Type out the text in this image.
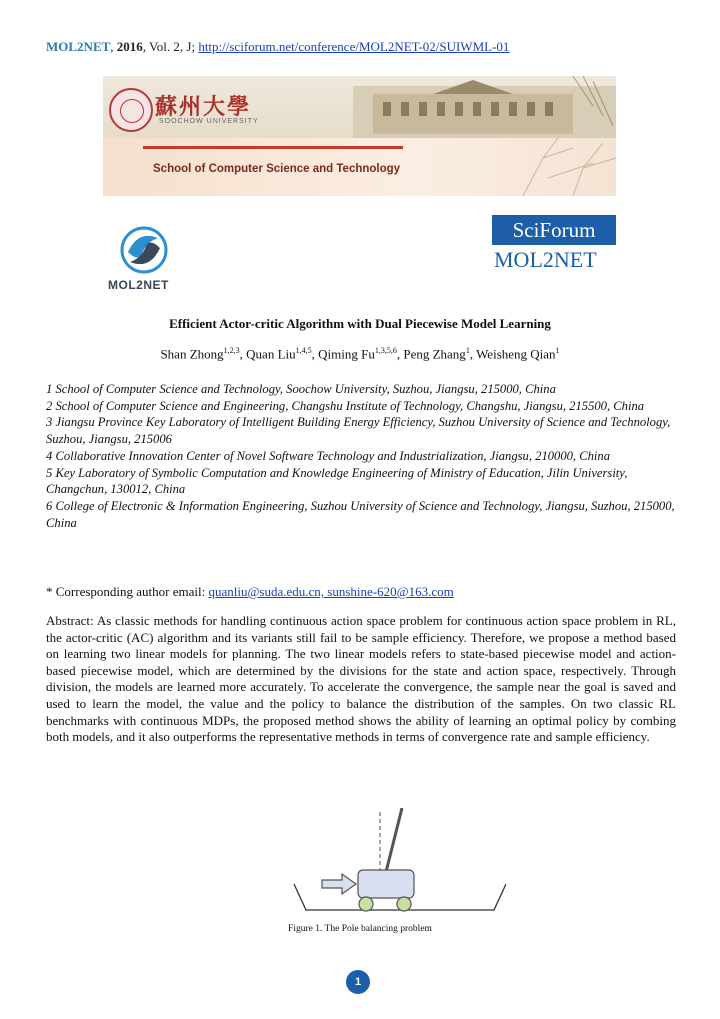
MOL2NET, 2016, Vol. 2, J; http://sciforum.net/conference/MOL2NET-02/SUIWML-01
蘇州大學
SOOCHOW UNIVERSITY
School of Computer Science and Technology
MOL2NET
SciForum
MOL2NET
Efficient Actor-critic Algorithm with Dual Piecewise Model Learning
Shan Zhong$^{1,2,3}$, Quan Liu$^{1,4,5}$, Qiming Fu$^{1,3,5,6}$, Peng Zhang$^1$, Weisheng Qian$^1$

1 School of Computer Science and Technology, Soochow University, Suzhou, Jiangsu, 215000, China

2 School of Computer Science and Engineering, Changshu Institute of Technology, Changshu, Jiangsu, 215500, China

3 Jiangsu Province Key Laboratory of Intelligent Building Energy Efficiency, Suzhou University of Science and Technology, Suzhou, Jiangsu, 215006

4 Collaborative Innovation Center of Novel Software Technology and Industrialization, Jiangsu, 210000, China

5 Key Laboratory of Symbolic Computation and Knowledge Engineering of Ministry of Education, Jilin University, Changchun, 130012, China

6 College of Electronic & Information Engineering, Suzhou University of Science and Technology, Jiangsu, Suzhou, 215000, China

* Corresponding author email: quanliu@suda.edu.cn, sunshine-620@163.com
Abstract: As classic methods for handling continuous action space problem for continuous action space problem in RL, the actor-critic (AC) algorithm and its variants still fail to be sample efficiency. Therefore, we propose a method based on learning two linear models for planning. The two linear models refers to state-based piecewise model and action-based piecewise model, which are determined by the divisions for the state and action space, respectively. Through division, the models are learned more accurately. To accelerate the convergence, the sample near the goal is saved and used to learn the model, the value and the policy to balance the distribution of the samples. On two classic RL benchmarks with continuous MDPs, the proposed method shows the ability of learning an optimal policy by combing both models, and it also outperforms the representative methods in terms of convergence rate and sample efficiency.
Figure 1. The Pole balancing problem
1
